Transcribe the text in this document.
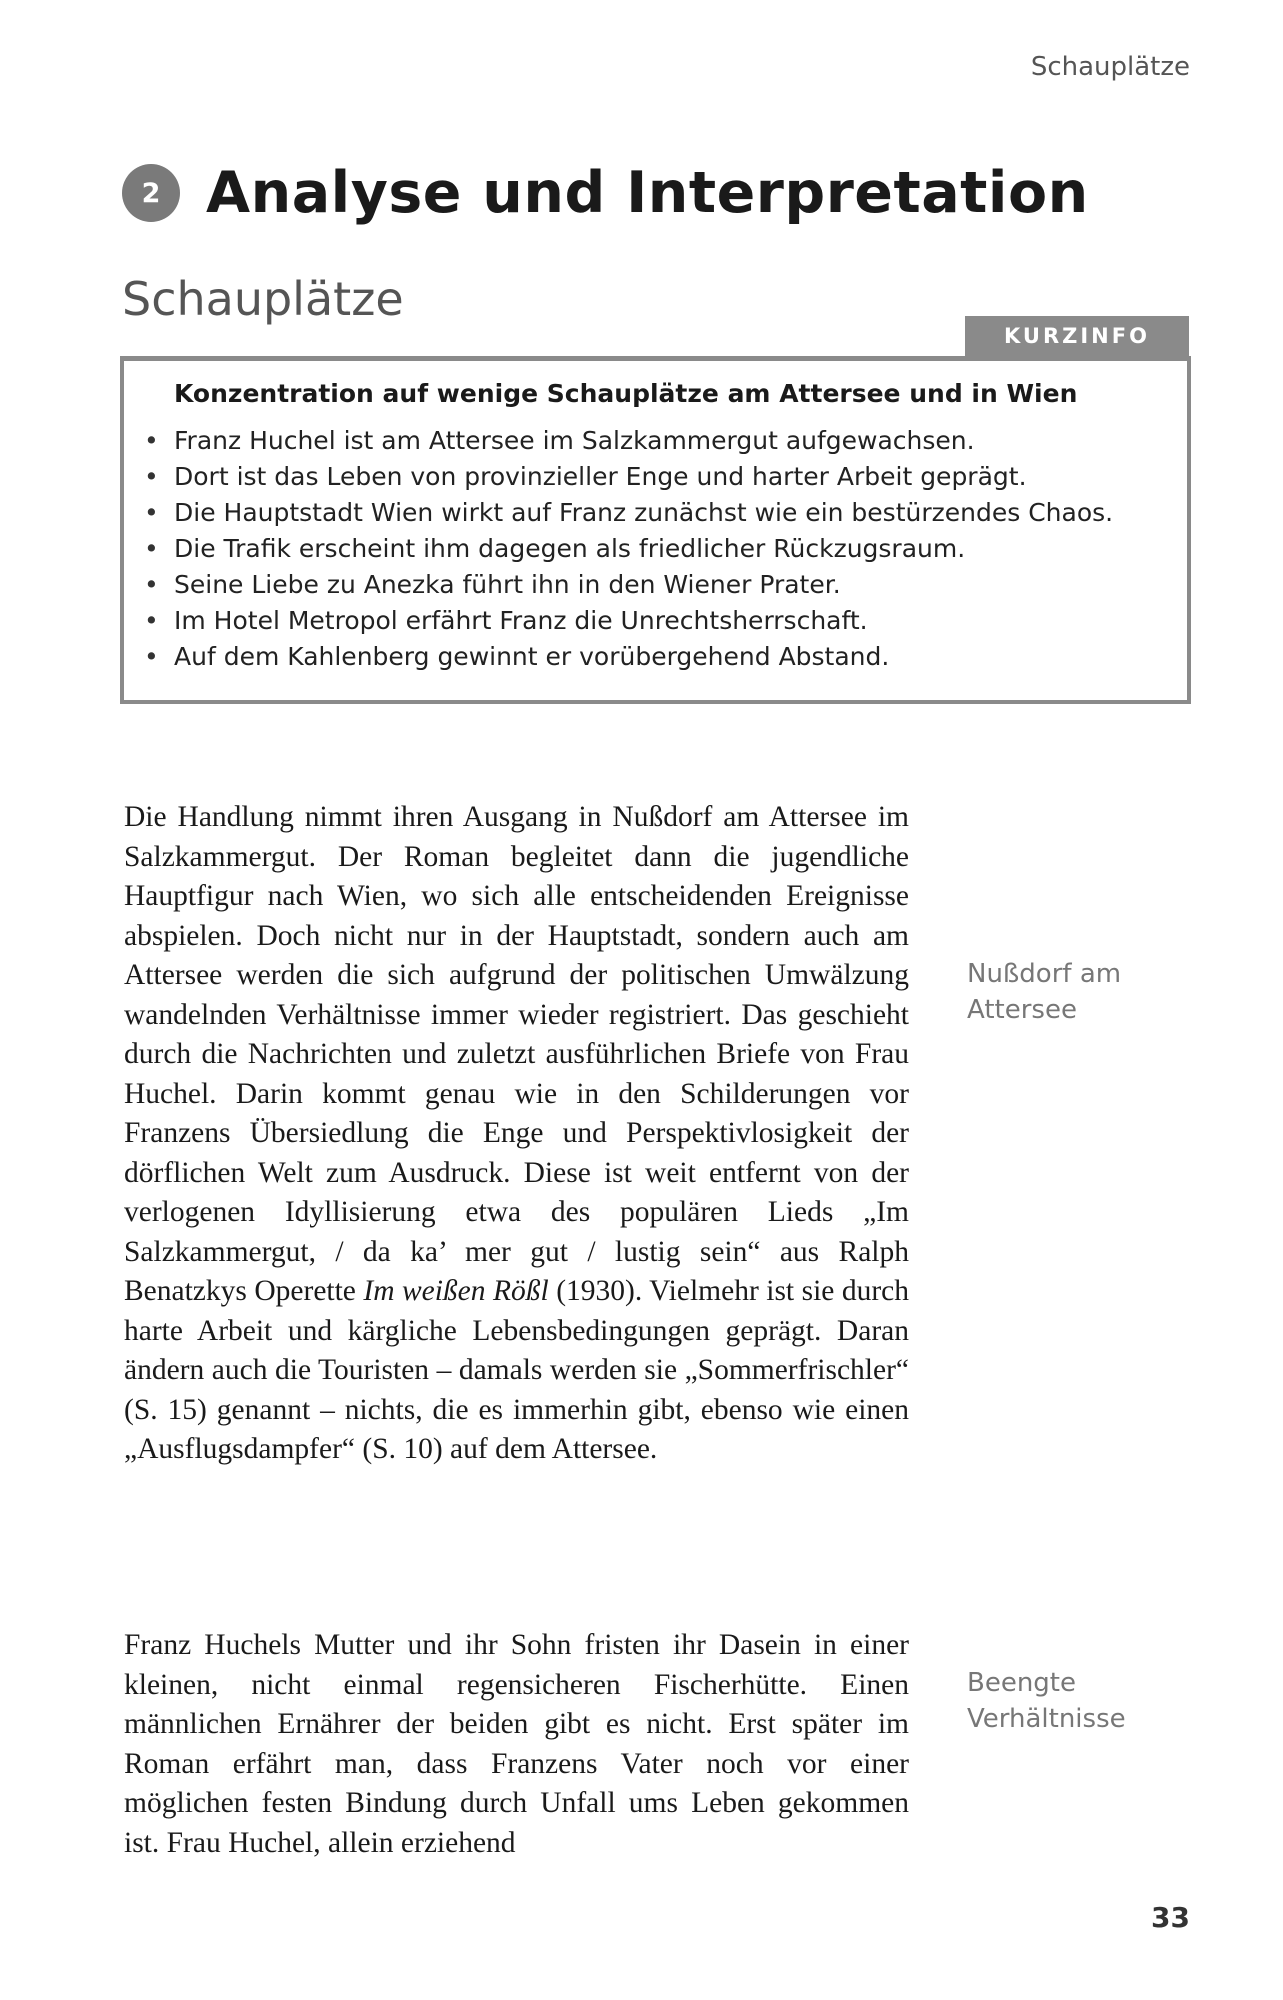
Schauplätze
2 Analyse und Interpretation
Schauplätze
KURZINFO
Konzentration auf wenige Schauplätze am Attersee und in Wien
• Franz Huchel ist am Attersee im Salzkammergut aufgewachsen.
• Dort ist das Leben von provinzieller Enge und harter Arbeit geprägt.
• Die Hauptstadt Wien wirkt auf Franz zunächst wie ein bestürzendes Chaos.
• Die Trafik erscheint ihm dagegen als friedlicher Rückzugsraum.
• Seine Liebe zu Anezka führt ihn in den Wiener Prater.
• Im Hotel Metropol erfährt Franz die Unrechtsherrschaft.
• Auf dem Kahlenberg gewinnt er vorübergehend Abstand.

Die Handlung nimmt ihren Ausgang in Nußdorf am Attersee im Salzkammergut. Der Roman begleitet dann die jugendliche Hauptfigur nach Wien, wo sich alle entscheidenden Ereignisse abspielen. Doch nicht nur in der Hauptstadt, sondern auch am Attersee werden die sich aufgrund der politischen Umwälzung wandelnden Verhältnisse immer wieder registriert. Das geschieht durch die Nachrichten und zuletzt ausführlichen Briefe von Frau Huchel. Darin kommt genau wie in den Schilderungen vor Franzens Übersiedlung die Enge und Perspektivlosigkeit der dörflichen Welt zum Ausdruck. Diese ist weit entfernt von der verlogenen Idyllisierung etwa des populären Lieds „Im Salzkammergut, / da ka’ mer gut / lustig sein“ aus Ralph Benatzkys Operette Im weißen Rößl (1930). Vielmehr ist sie durch harte Arbeit und kärgliche Lebensbedingungen geprägt. Daran ändern auch die Touristen – damals werden sie „Sommerfrischler“ (S. 15) genannt – nichts, die es immerhin gibt, ebenso wie einen „Ausflugsdampfer“ (S. 10) auf dem Attersee.

Nußdorf am
Attersee

Franz Huchels Mutter und ihr Sohn fristen ihr Dasein in einer kleinen, nicht einmal regensicheren Fischerhütte. Einen männlichen Ernährer der beiden gibt es nicht. Erst später im Roman erfährt man, dass Franzens Vater noch vor einer möglichen festen Bindung durch Unfall ums Leben gekommen ist. Frau Huchel, allein erziehend

Beengte
Verhältnisse
33
